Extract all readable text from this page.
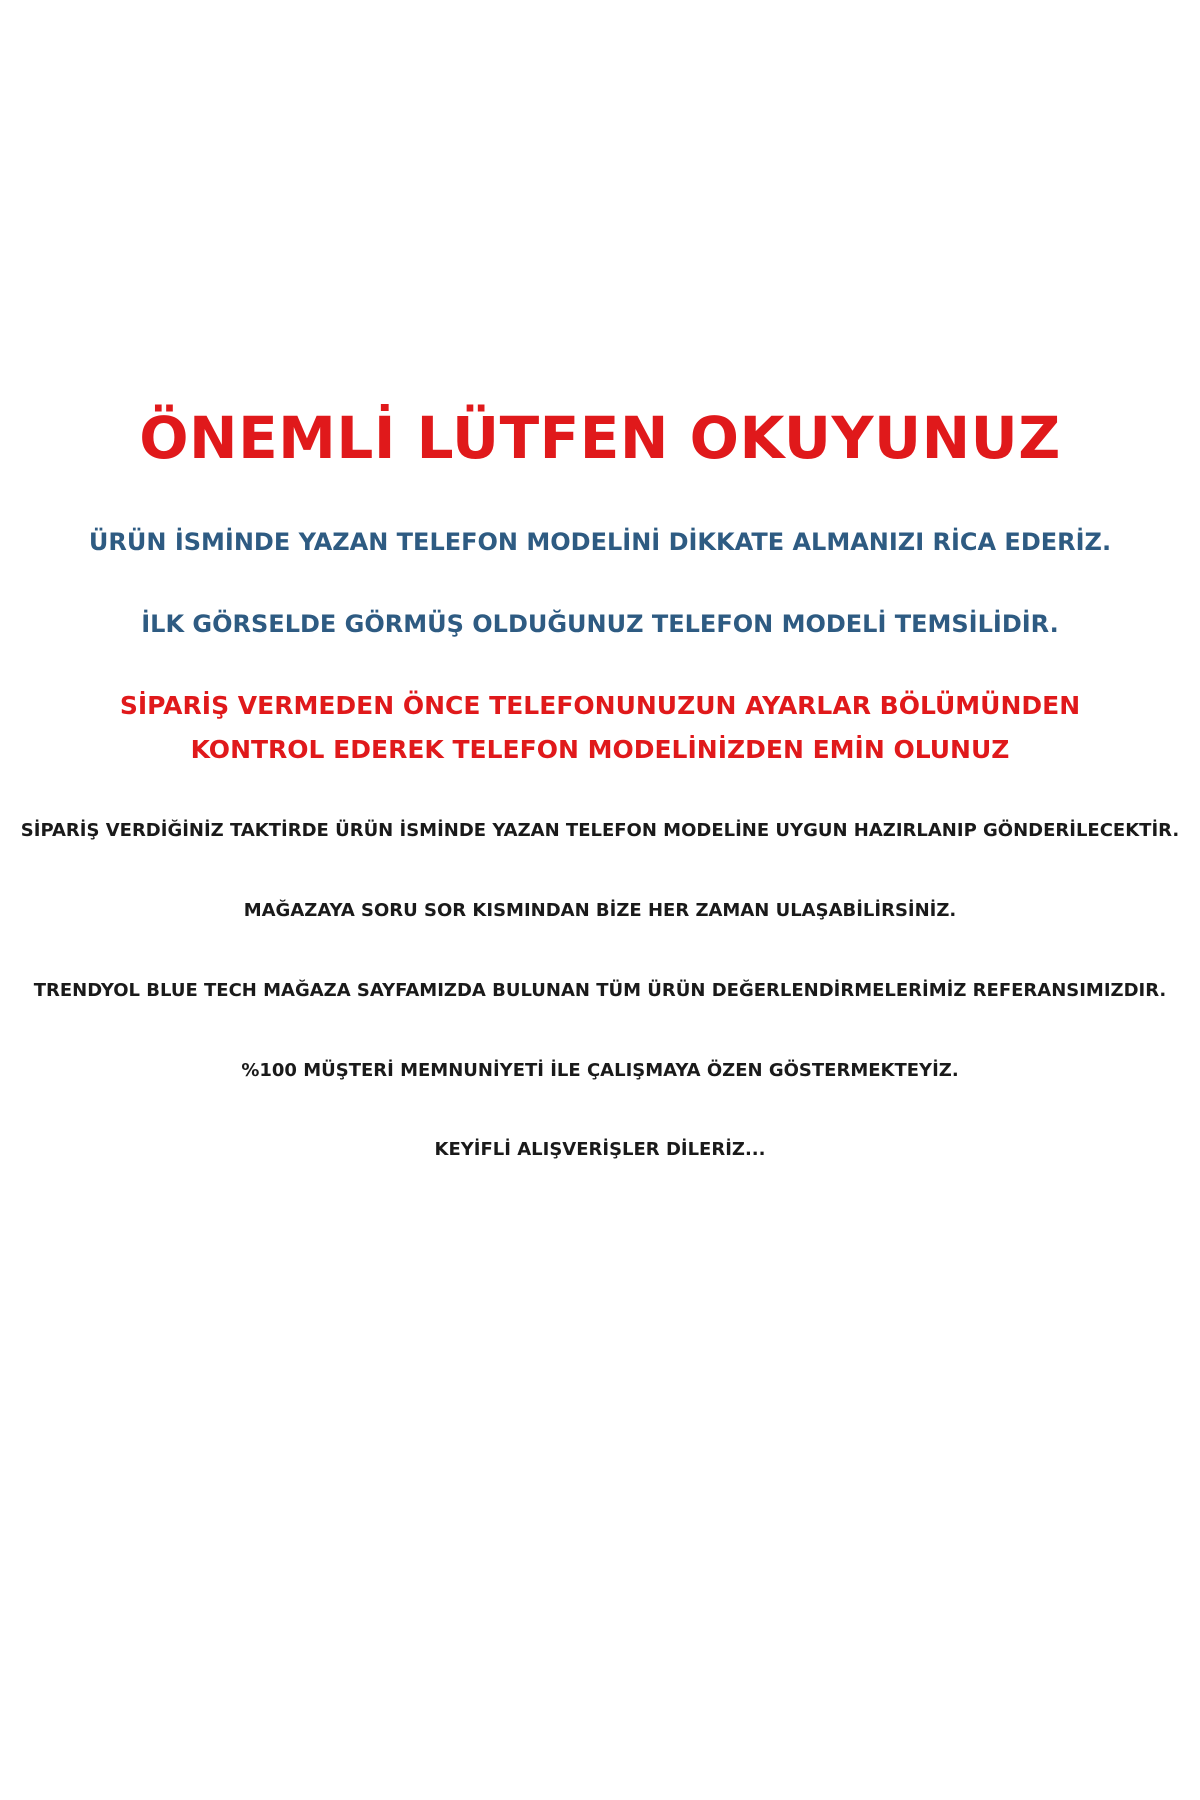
ÖNEMLİ LÜTFEN OKUYUNUZ

ÜRÜN İSMİNDE YAZAN TELEFON MODELİNİ DİKKATE ALMANIZI RİCA EDERİZ.

İLK GÖRSELDE GÖRMÜŞ OLDUĞUNUZ TELEFON MODELİ TEMSİLİDİR.

SİPARİŞ VERMEDEN ÖNCE TELEFONUNUZUN AYARLAR BÖLÜMÜNDEN

KONTROL EDEREK TELEFON MODELİNİZDEN EMİN OLUNUZ

SİPARİŞ VERDİĞİNİZ TAKTİRDE ÜRÜN İSMİNDE YAZAN TELEFON MODELİNE UYGUN HAZIRLANIP GÖNDERİLECEKTİR.

MAĞAZAYA SORU SOR KISMINDAN BİZE HER ZAMAN ULAŞABİLİRSİNİZ.

TRENDYOL BLUE TECH MAĞAZA SAYFAMIZDA BULUNAN TÜM ÜRÜN DEĞERLENDİRMELERİMİZ REFERANSIMIZDIR.

%100 MÜŞTERİ MEMNUNİYETİ İLE ÇALIŞMAYA ÖZEN GÖSTERMEKTEYİZ.

KEYİFLİ ALIŞVERİŞLER DİLERİZ...
